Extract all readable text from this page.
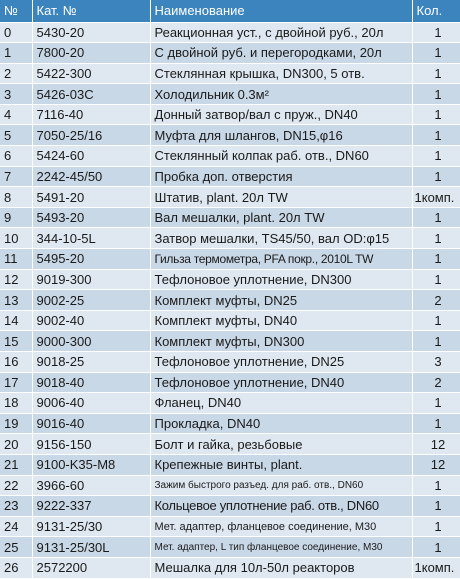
№	Кат. №	Наименование	Кол.
0	5430-20	Реакционная уст., с двойной руб., 20л	1
1	7800-20	С двойной руб. и перегородками, 20л	1
2	5422-300	Стеклянная крышка, DN300, 5 отв.	1
3	5426-03C	Холодильник 0.3м²	1
4	7116-40	Донный затвор/вал с пруж., DN40	1
5	7050-25/16	Муфта для шлангов, DN15,φ16	1
6	5424-60	Стеклянный колпак раб. отв., DN60	1
7	2242-45/50	Пробка доп. отверстия	1
8	5491-20	Штатив, plant. 20л TW	1комп.
9	5493-20	Вал мешалки, plant. 20л TW	1
10	344-10-5L	Затвор мешалки, TS45/50, вал OD:φ15	1
11	5495-20	Гильза термометра, PFA покр., 2010L TW	1
12	9019-300	Тефлоновое уплотнение, DN300	1
13	9002-25	Комплект муфты, DN25	2
14	9002-40	Комплект муфты, DN40	1
15	9000-300	Комплект муфты, DN300	1
16	9018-25	Тефлоновое уплотнение, DN25	3
17	9018-40	Тефлоновое уплотнение, DN40	2
18	9006-40	Фланец, DN40	1
19	9016-40	Прокладка, DN40	1
20	9156-150	Болт и гайка, резьбовые	12
21	9100-K35-M8	Крепежные винты, plant.	12
22	3966-60	Зажим быстрого разъед. для раб. отв., DN60	1
23	9222-337	Кольцевое уплотнение раб. отв., DN60	1
24	9131-25/30	Мет. адаптер, фланцевое соединение, M30	1
25	9131-25/30L	Мет. адаптер, L тип фланцевое соединение, M30	1
26	2572200	Мешалка для 10л-50л реакторов	1комп.
